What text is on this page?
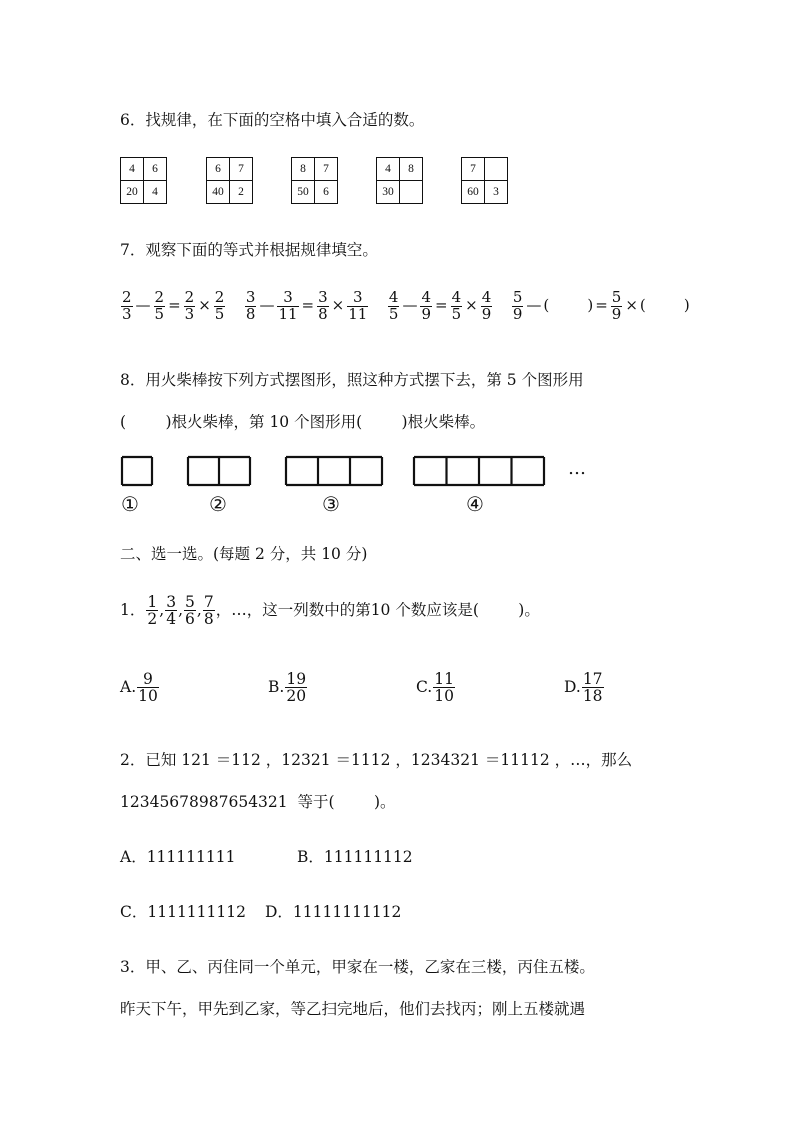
6．找规律，在下面的空格中填入合适的数。
4	6
20	4
6	7
40	2
8	7
50	6
4	8
30	
7	
60	3
7．观察下面的等式并根据规律填空。
$\frac{2}{3}$ — $\frac{2}{5} = \frac{2}{3} \times \frac{2}{5}$
$\frac{3}{8}$ — $\frac{3}{11} = \frac{3}{8} \times \frac{3}{11}$
$\frac{4}{5}$ — $\frac{4}{9} = \frac{4}{5} \times \frac{4}{9}$
$\frac{5}{9}$ — (        ) = $\frac{5}{9}$ × (        )
8．用火柴棒按下列方式摆图形，照这种方式摆下去，第 5 个图形用
(        )根火柴棒，第 10 个图形用(        )根火柴棒。
…
①	②	③	④
二、选一选。(每题 2 分，共 10 分)
1． $\frac{1}{2}$ , $\frac{3}{4}$ , $\frac{5}{6}$ , $\frac{7}{8}$ ，…，这一列数中的第10 个数应该是(        )。
A. $\frac{9}{10}$	B. $\frac{19}{20}$	C. $\frac{11}{10}$	D. $\frac{17}{18}$
2．已知 121 ＝112 ，12321 ＝1112 ，1234321 ＝11112 ，…，那么
12345678987654321  等于(        )。
A．111111111	B．111111112
C．1111111112 D．11111111112
3．甲、乙、丙住同一个单元，甲家在一楼，乙家在三楼，丙住五楼。
昨天下午，甲先到乙家，等乙扫完地后，他们去找丙；刚上五楼就遇
